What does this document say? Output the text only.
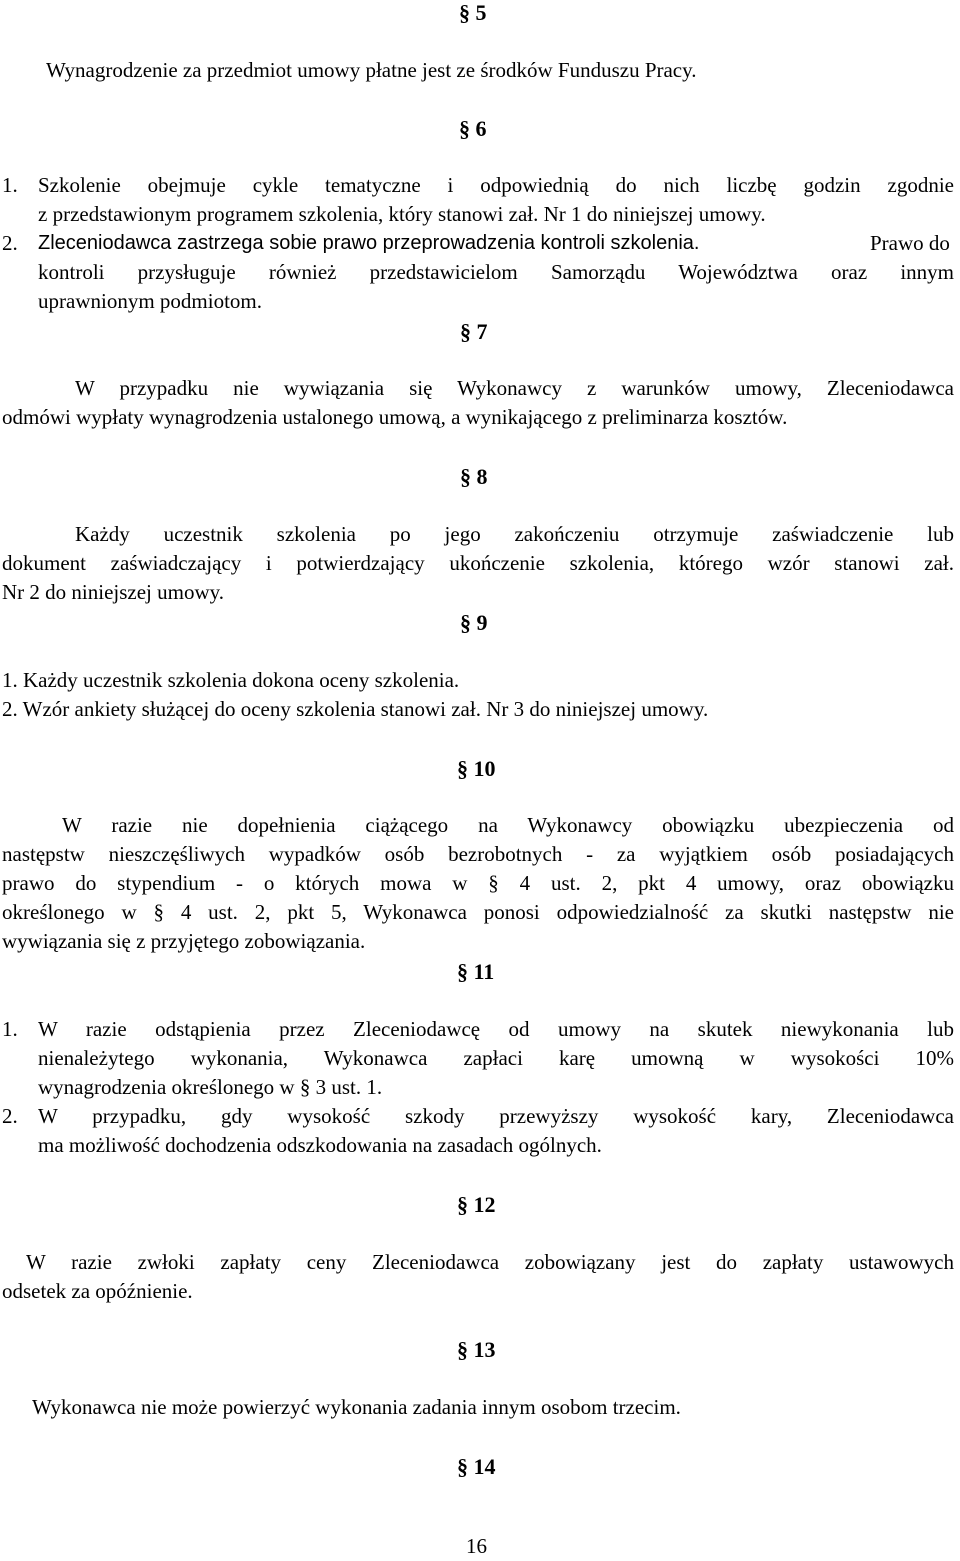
§ 5
Wynagrodzenie za przedmiot umowy płatne jest ze środków Funduszu Pracy.
§ 6
1. Szkolenie obejmuje cykle tematyczne i odpowiednią do nich liczbę godzin zgodnie
z przedstawionym programem szkolenia, który stanowi zał. Nr 1 do niniejszej umowy.
2. Zleceniodawca zastrzega sobie prawo przeprowadzenia kontroli szkolenia.	Prawo do
kontroli przysługuje również przedstawicielom Samorządu Województwa oraz innym
uprawnionym podmiotom.
§ 7
W przypadku nie wywiązania się Wykonawcy z warunków umowy, Zleceniodawca
odmówi wypłaty wynagrodzenia ustalonego umową, a wynikającego z preliminarza kosztów.
§ 8
Każdy uczestnik szkolenia po jego zakończeniu otrzymuje zaświadczenie lub
dokument zaświadczający i potwierdzający ukończenie szkolenia, którego wzór stanowi zał.
Nr 2 do niniejszej umowy.
§ 9
1. Każdy uczestnik szkolenia dokona oceny szkolenia.
2. Wzór ankiety służącej do oceny szkolenia stanowi zał. Nr 3 do niniejszej umowy.
§ 10
W razie nie dopełnienia ciążącego na Wykonawcy obowiązku ubezpieczenia od
następstw nieszczęśliwych wypadków osób bezrobotnych - za wyjątkiem osób posiadających
prawo do stypendium - o których mowa w § 4 ust. 2, pkt 4 umowy, oraz obowiązku
określonego w § 4 ust. 2, pkt 5, Wykonawca ponosi odpowiedzialność za skutki następstw nie
wywiązania się z przyjętego zobowiązania.
§ 11
1. W razie odstąpienia przez Zleceniodawcę od umowy na skutek niewykonania lub
nienależytego wykonania, Wykonawca zapłaci karę umowną w wysokości 10%
wynagrodzenia określonego w § 3 ust. 1.
2. W przypadku, gdy wysokość szkody przewyższy wysokość kary, Zleceniodawca
ma możliwość dochodzenia odszkodowania na zasadach ogólnych.
§ 12
W razie zwłoki zapłaty ceny Zleceniodawca zobowiązany jest do zapłaty ustawowych
odsetek za opóźnienie.
§ 13
Wykonawca nie może powierzyć wykonania zadania innym osobom trzecim.
§ 14
16
